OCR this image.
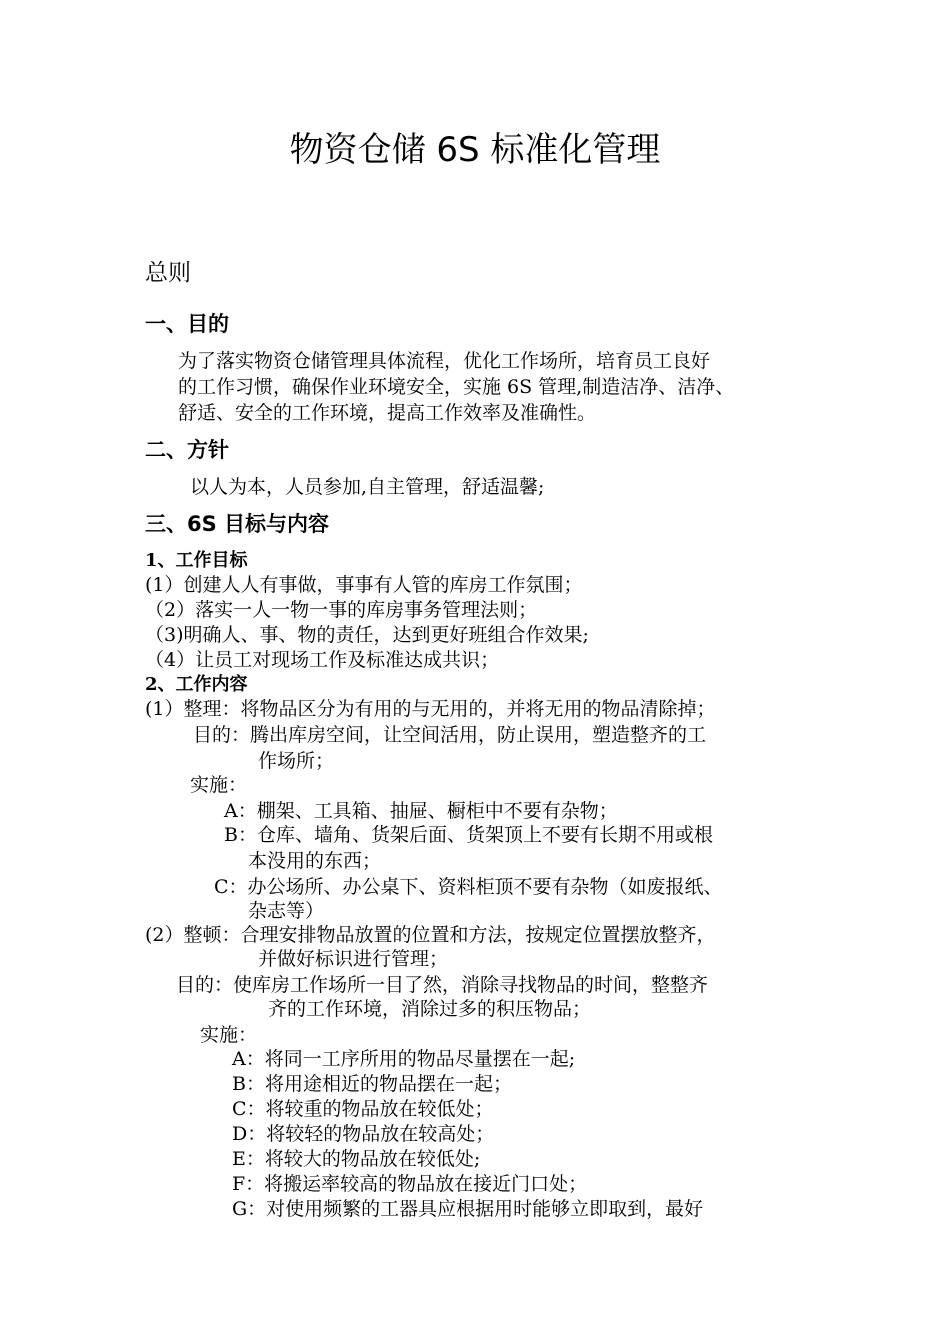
物资仓储 6S 标准化管理
总则
一、目的
为了落实物资仓储管理具体流程，优化工作场所，培育员工良好
的工作习惯，确保作业环境安全，实施 6S 管理,制造洁净、洁净、
舒适、安全的工作环境，提高工作效率及准确性。
二、方针
以人为本，人员参加,自主管理，舒适温馨;
三、6S 目标与内容
1、工作目标
(1）创建人人有事做，事事有人管的库房工作氛围；
（2）落实一人一物一事的库房事务管理法则；
（3)明确人、事、物的责任，达到更好班组合作效果;
（4）让员工对现场工作及标准达成共识；
2、工作内容
(1）整理：将物品区分为有用的与无用的，并将无用的物品清除掉；
目的：腾出库房空间，让空间活用，防止误用，塑造整齐的工
作场所；
实施：
A：棚架、工具箱、抽屉、橱柜中不要有杂物；
B：仓库、墙角、货架后面、货架顶上不要有长期不用或根
本没用的东西；
C：办公场所、办公桌下、资料柜顶不要有杂物（如废报纸、
杂志等）
(2）整顿：合理安排物品放置的位置和方法，按规定位置摆放整齐，
并做好标识进行管理；
目的：使库房工作场所一目了然，消除寻找物品的时间，整整齐
齐的工作环境，消除过多的积压物品；
实施：
A：将同一工序所用的物品尽量摆在一起;
B：将用途相近的物品摆在一起；
C：将较重的物品放在较低处；
D：将较轻的物品放在较高处；
E：将较大的物品放在较低处;
F：将搬运率较高的物品放在接近门口处；
G：对使用频繁的工器具应根据用时能够立即取到，最好
